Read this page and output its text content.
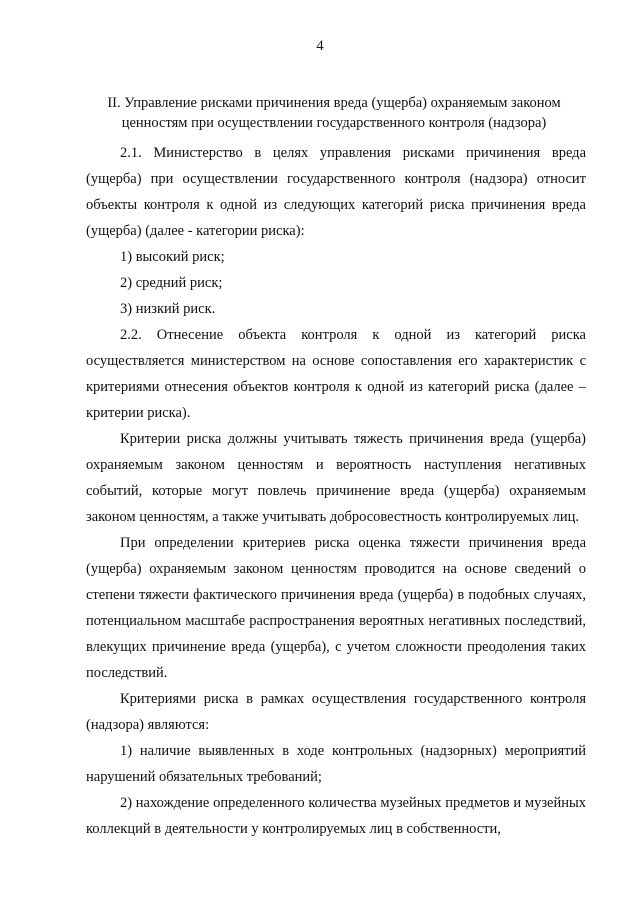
4
II. Управление рисками причинения вреда (ущерба) охраняемым законом ценностям при осуществлении государственного контроля (надзора)

2.1. Министерство в целях управления рисками причинения вреда (ущерба) при осуществлении государственного контроля (надзора) относит объекты контроля к одной из следующих категорий риска причинения вреда (ущерба) (далее - категории риска):

1) высокий риск;

2) средний риск;

3) низкий риск.

2.2. Отнесение объекта контроля к одной из категорий риска осуществляется министерством на основе сопоставления его характеристик с критериями отнесения объектов контроля к одной из категорий риска (далее – критерии риска).

Критерии риска должны учитывать тяжесть причинения вреда (ущерба) охраняемым законом ценностям и вероятность наступления негативных событий, которые могут повлечь причинение вреда (ущерба) охраняемым законом ценностям, а также учитывать добросовестность контролируемых лиц.

При определении критериев риска оценка тяжести причинения вреда (ущерба) охраняемым законом ценностям проводится на основе сведений о степени тяжести фактического причинения вреда (ущерба) в подобных случаях, потенциальном масштабе распространения вероятных негативных последствий, влекущих причинение вреда (ущерба), с учетом сложности преодоления таких последствий.

Критериями риска в рамках осуществления государственного контроля (надзора) являются:

1) наличие выявленных в ходе контрольных (надзорных) мероприятий нарушений обязательных требований;

2) нахождение определенного количества музейных предметов и музейных коллекций в деятельности у контролируемых лиц в собственности,
